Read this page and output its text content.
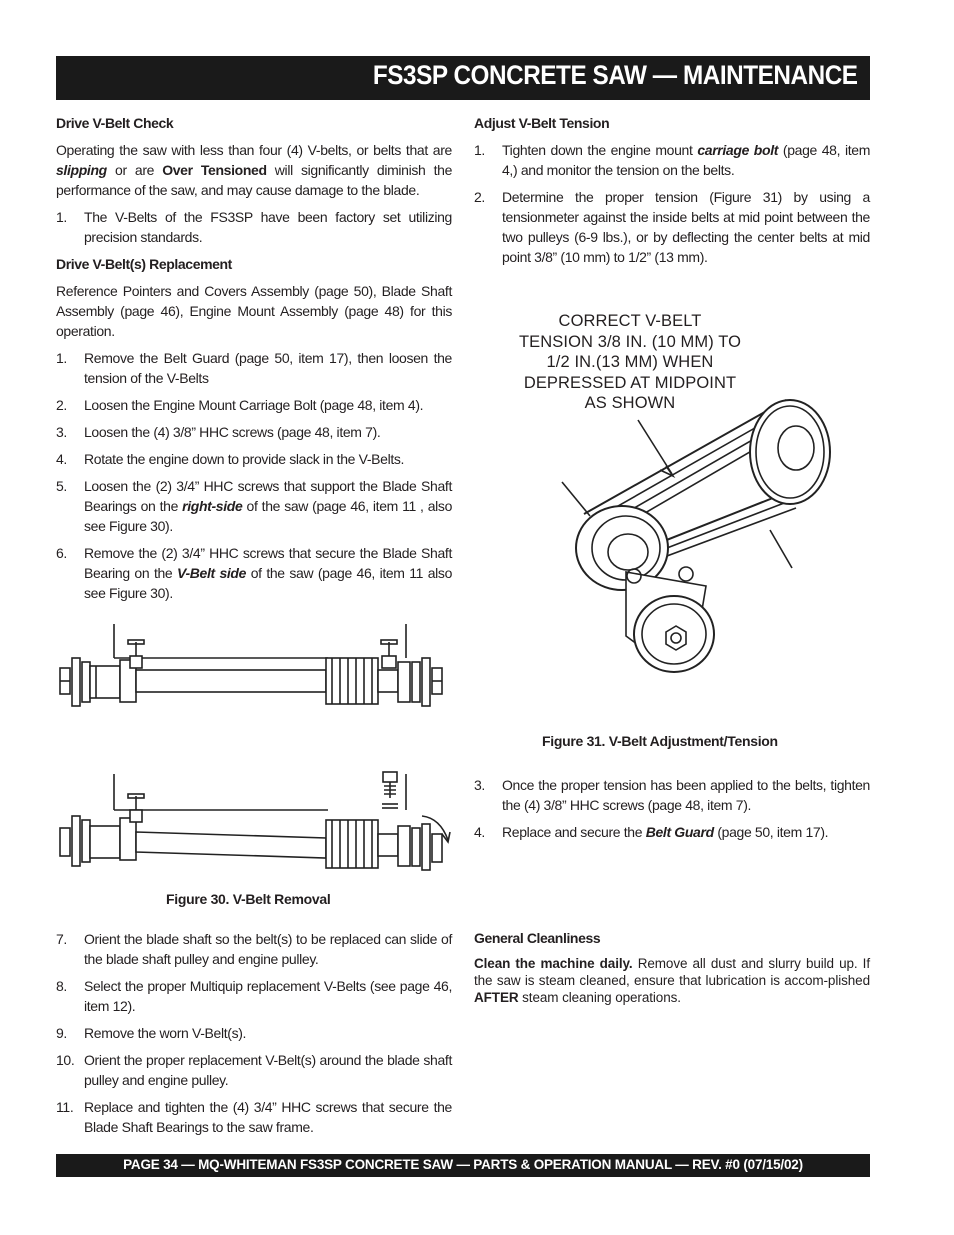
FS3SP CONCRETE SAW — MAINTENANCE
Drive V-Belt Check

Operating the saw with less than four (4) V-belts, or belts that are slipping or are Over Tensioned will significantly diminish the performance of the saw, and may cause damage to the blade.

1. The V-Belts of the FS3SP have been factory set utilizing precision standards.
Drive V-Belt(s) Replacement

Reference Pointers and Covers Assembly (page 50), Blade Shaft Assembly (page 46), Engine Mount Assembly (page 48) for this operation.

1. Remove the Belt Guard (page 50, item 17), then loosen the tension of the V-Belts
2. Loosen the Engine Mount Carriage Bolt (page 48, item 4).
3. Loosen the (4) 3/8” HHC screws (page 48, item 7).
4. Rotate the engine down to provide slack in the V-Belts.
5. Loosen the (2) 3/4” HHC screws that support the Blade Shaft Bearings on the right-side of the saw (page 46, item 11 , also see Figure 30).
6. Remove the (2) 3/4” HHC screws that secure the Blade Shaft Bearing on the V-Belt side of the saw (page 46, item 11 also see Figure 30).
Figure 30. V-Belt Removal
7. Orient the blade shaft so the belt(s) to be replaced can slide of the blade shaft pulley and engine pulley.
8. Select the proper Multiquip replacement V-Belts (see page 46, item 12).
9. Remove the worn V-Belt(s).
10. Orient the proper replacement V-Belt(s) around the blade shaft pulley and engine pulley.
11. Replace and tighten the (4) 3/4” HHC screws that secure the Blade Shaft Bearings to the saw frame.
Adjust V-Belt Tension
1. Tighten down the engine mount carriage bolt (page 48, item 4,) and monitor the tension on the belts.
2. Determine the proper tension (Figure 31) by using a tensionmeter against the inside belts at mid point between the two pulleys (6-9 lbs.), or by deflecting the center belts at mid point 3/8” (10 mm) to 1/2” (13 mm).
CORRECT V-BELT
TENSION 3/8 IN. (10 MM) TO
1/2 IN.(13 MM) WHEN
DEPRESSED AT MIDPOINT
AS SHOWN
Figure 31. V-Belt Adjustment/Tension
3. Once the proper tension has been applied to the belts, tighten the (4) 3/8” HHC screws (page 48, item 7).
4. Replace and secure the Belt Guard (page 50, item 17).
General Cleanliness

Clean the machine daily. Remove all dust and slurry build up. If the saw is steam cleaned, ensure that lubrication is accom-plished AFTER steam cleaning operations.

PAGE 34 — MQ-WHITEMAN FS3SP CONCRETE SAW — PARTS & OPERATION MANUAL — REV. #0 (07/15/02)
